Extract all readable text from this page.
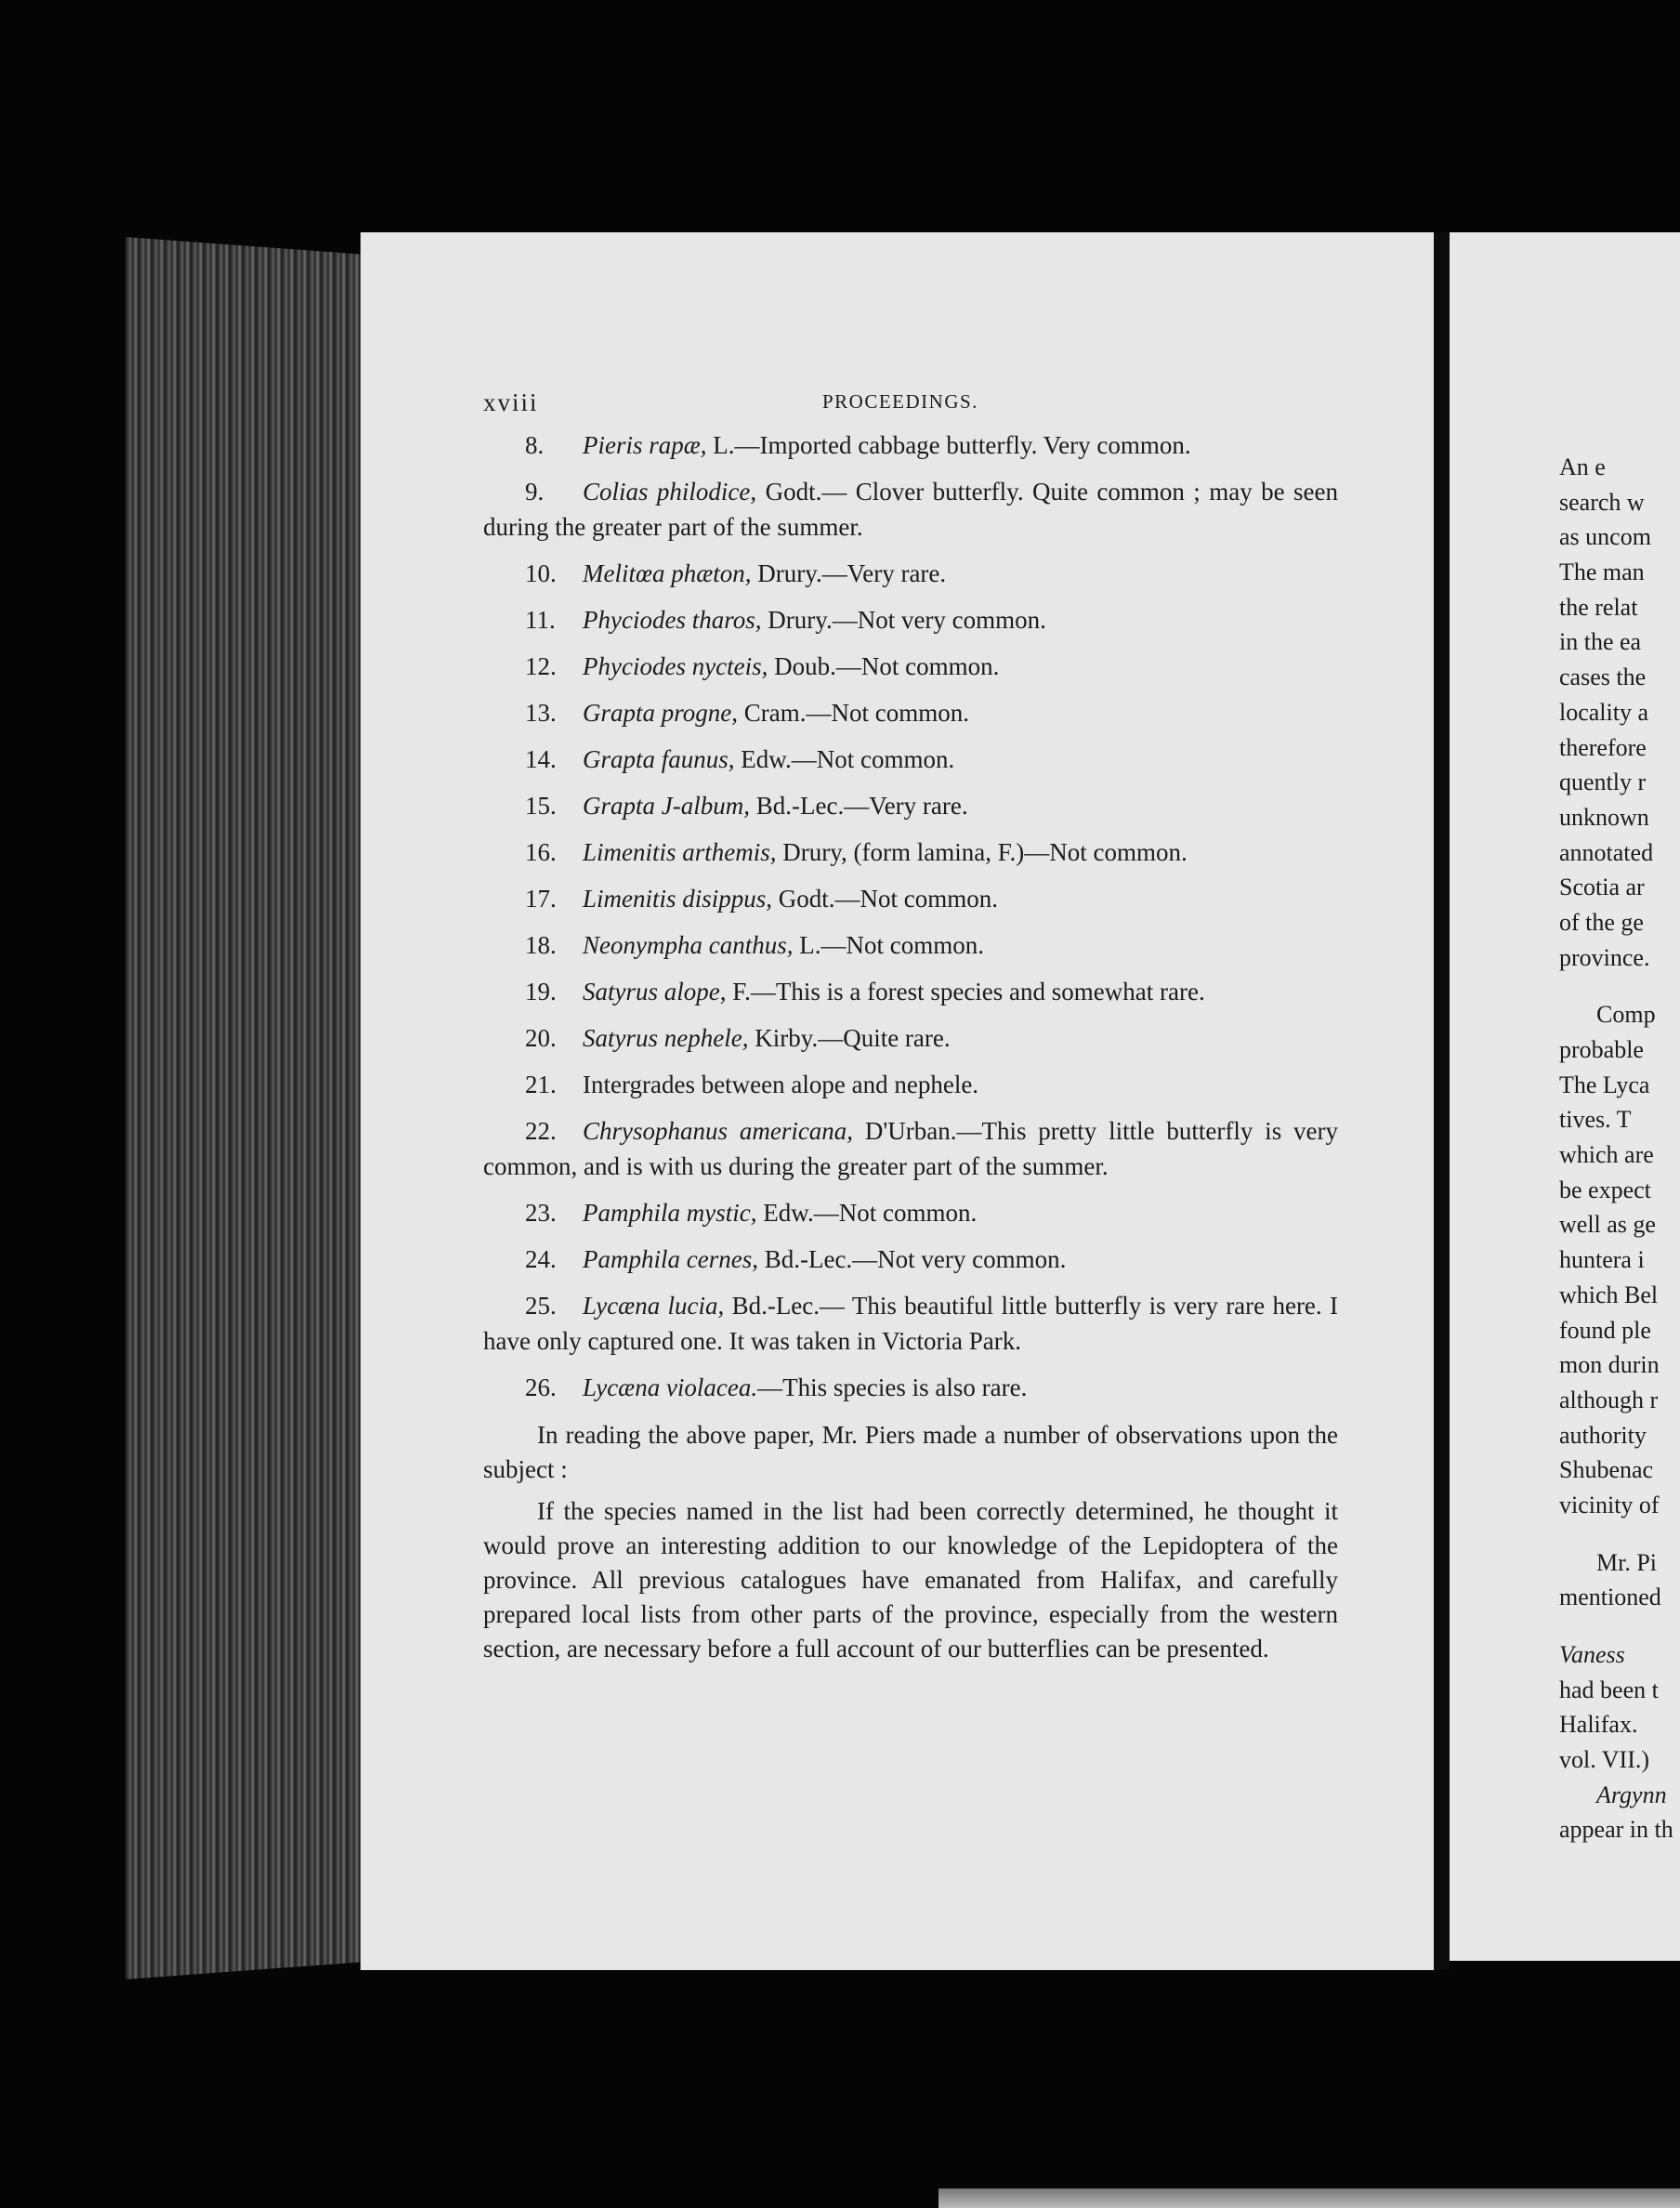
xviii	PROCEEDINGS.
8. Pieris rapæ, L.—Imported cabbage butterfly. Very common.
9. Colias philodice, Godt.— Clover butterfly. Quite common ; may be seen during the greater part of the summer.
10. Melitœa phæton, Drury.—Very rare.
11. Phyciodes tharos, Drury.—Not very common.
12. Phyciodes nycteis, Doub.—Not common.
13. Grapta progne, Cram.—Not common.
14. Grapta faunus, Edw.—Not common.
15. Grapta J-album, Bd.-Lec.—Very rare.
16. Limenitis arthemis, Drury, (form lamina, F.)—Not common.
17. Limenitis disippus, Godt.—Not common.
18. Neonympha canthus, L.—Not common.
19. Satyrus alope, F.—This is a forest species and somewhat rare.
20. Satyrus nephele, Kirby.—Quite rare.
21. Intergrades between alope and nephele.
22. Chrysophanus americana, D'Urban.—This pretty little butterfly is very common, and is with us during the greater part of the summer.
23. Pamphila mystic, Edw.—Not common.
24. Pamphila cernes, Bd.-Lec.—Not very common.
25. Lycæna lucia, Bd.-Lec.— This beautiful little butterfly is very rare here. I have only captured one. It was taken in Victoria Park.
26. Lycæna violacea.—This species is also rare.

In reading the above paper, Mr. Piers made a number of observations upon the subject :

If the species named in the list had been correctly determined, he thought it would prove an interesting addition to our knowledge of the Lepidoptera of the province. All previous catalogues have emanated from Halifax, and carefully prepared local lists from other parts of the province, especially from the western section, are necessary before a full account of our butterflies can be presented.

An e
search w
as uncom
The man
the relat
in the ea
cases the
locality a
therefore
quently r
unknown
annotated
Scotia ar
of the ge
province.
Comp
probable
The Lyca
tives. T
which are
be expect
well as ge
huntera i
which Bel
found ple
mon durin
although r
authority
Shubenac
vicinity of
Mr. Pi
mentioned
Vaness
had been t
Halifax.
vol. VII.)
Argynn
appear in th
